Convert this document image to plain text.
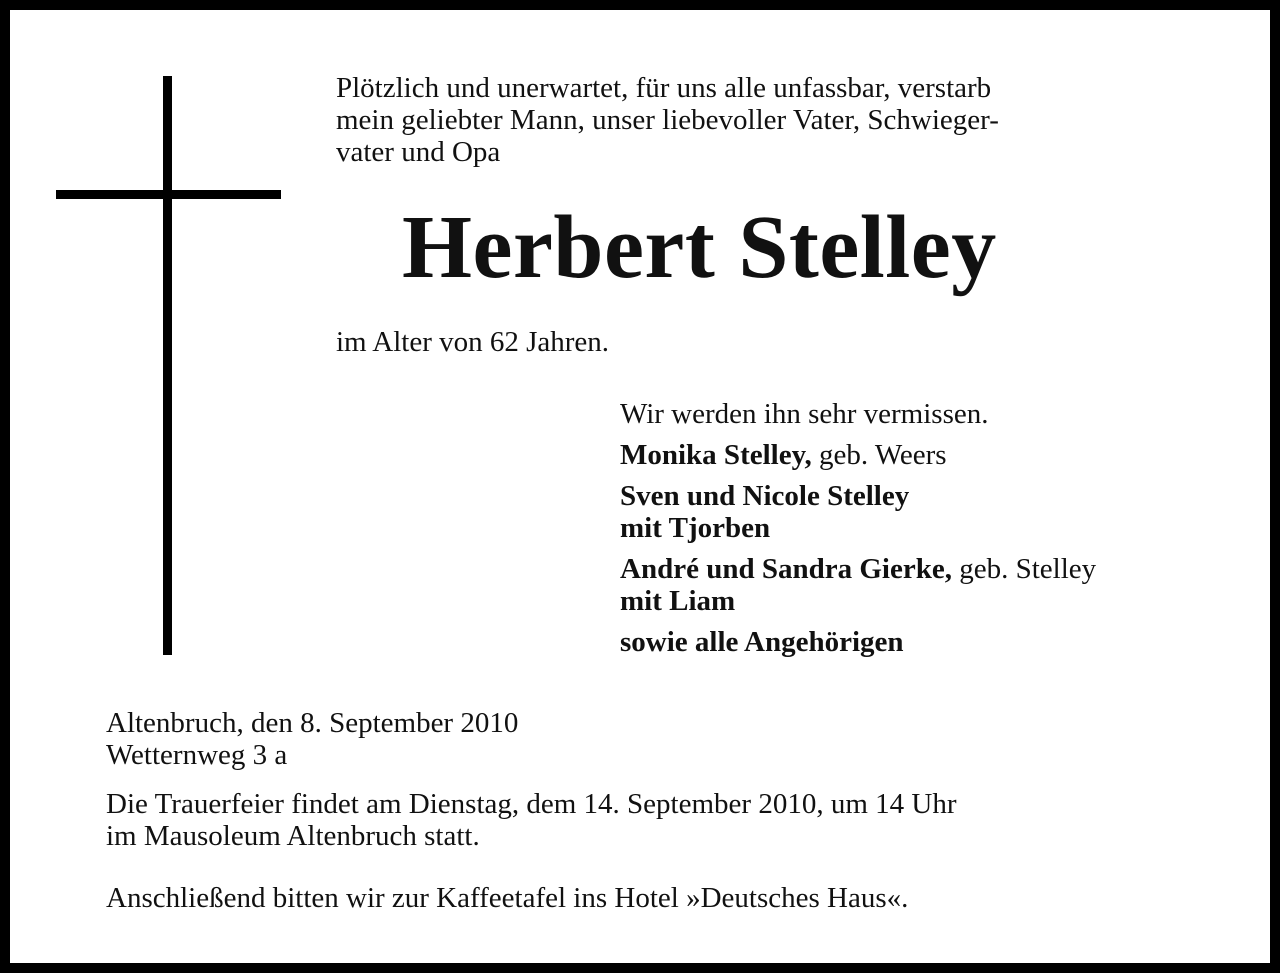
Plötzlich und unerwartet, für uns alle unfassbar, verstarb
mein geliebter Mann, unser liebevoller Vater, Schwieger-
vater und Opa
Herbert Stelley
im Alter von 62 Jahren.
Wir werden ihn sehr vermissen.
Monika Stelley, geb. Weers
Sven und Nicole Stelley
mit Tjorben
André und Sandra Gierke, geb. Stelley
mit Liam
sowie alle Angehörigen
Altenbruch, den 8. September 2010
Wetternweg 3 a
Die Trauerfeier findet am Dienstag, dem 14. September 2010, um 14 Uhr
im Mausoleum Altenbruch statt.
Anschließend bitten wir zur Kaffeetafel ins Hotel »Deutsches Haus«.
